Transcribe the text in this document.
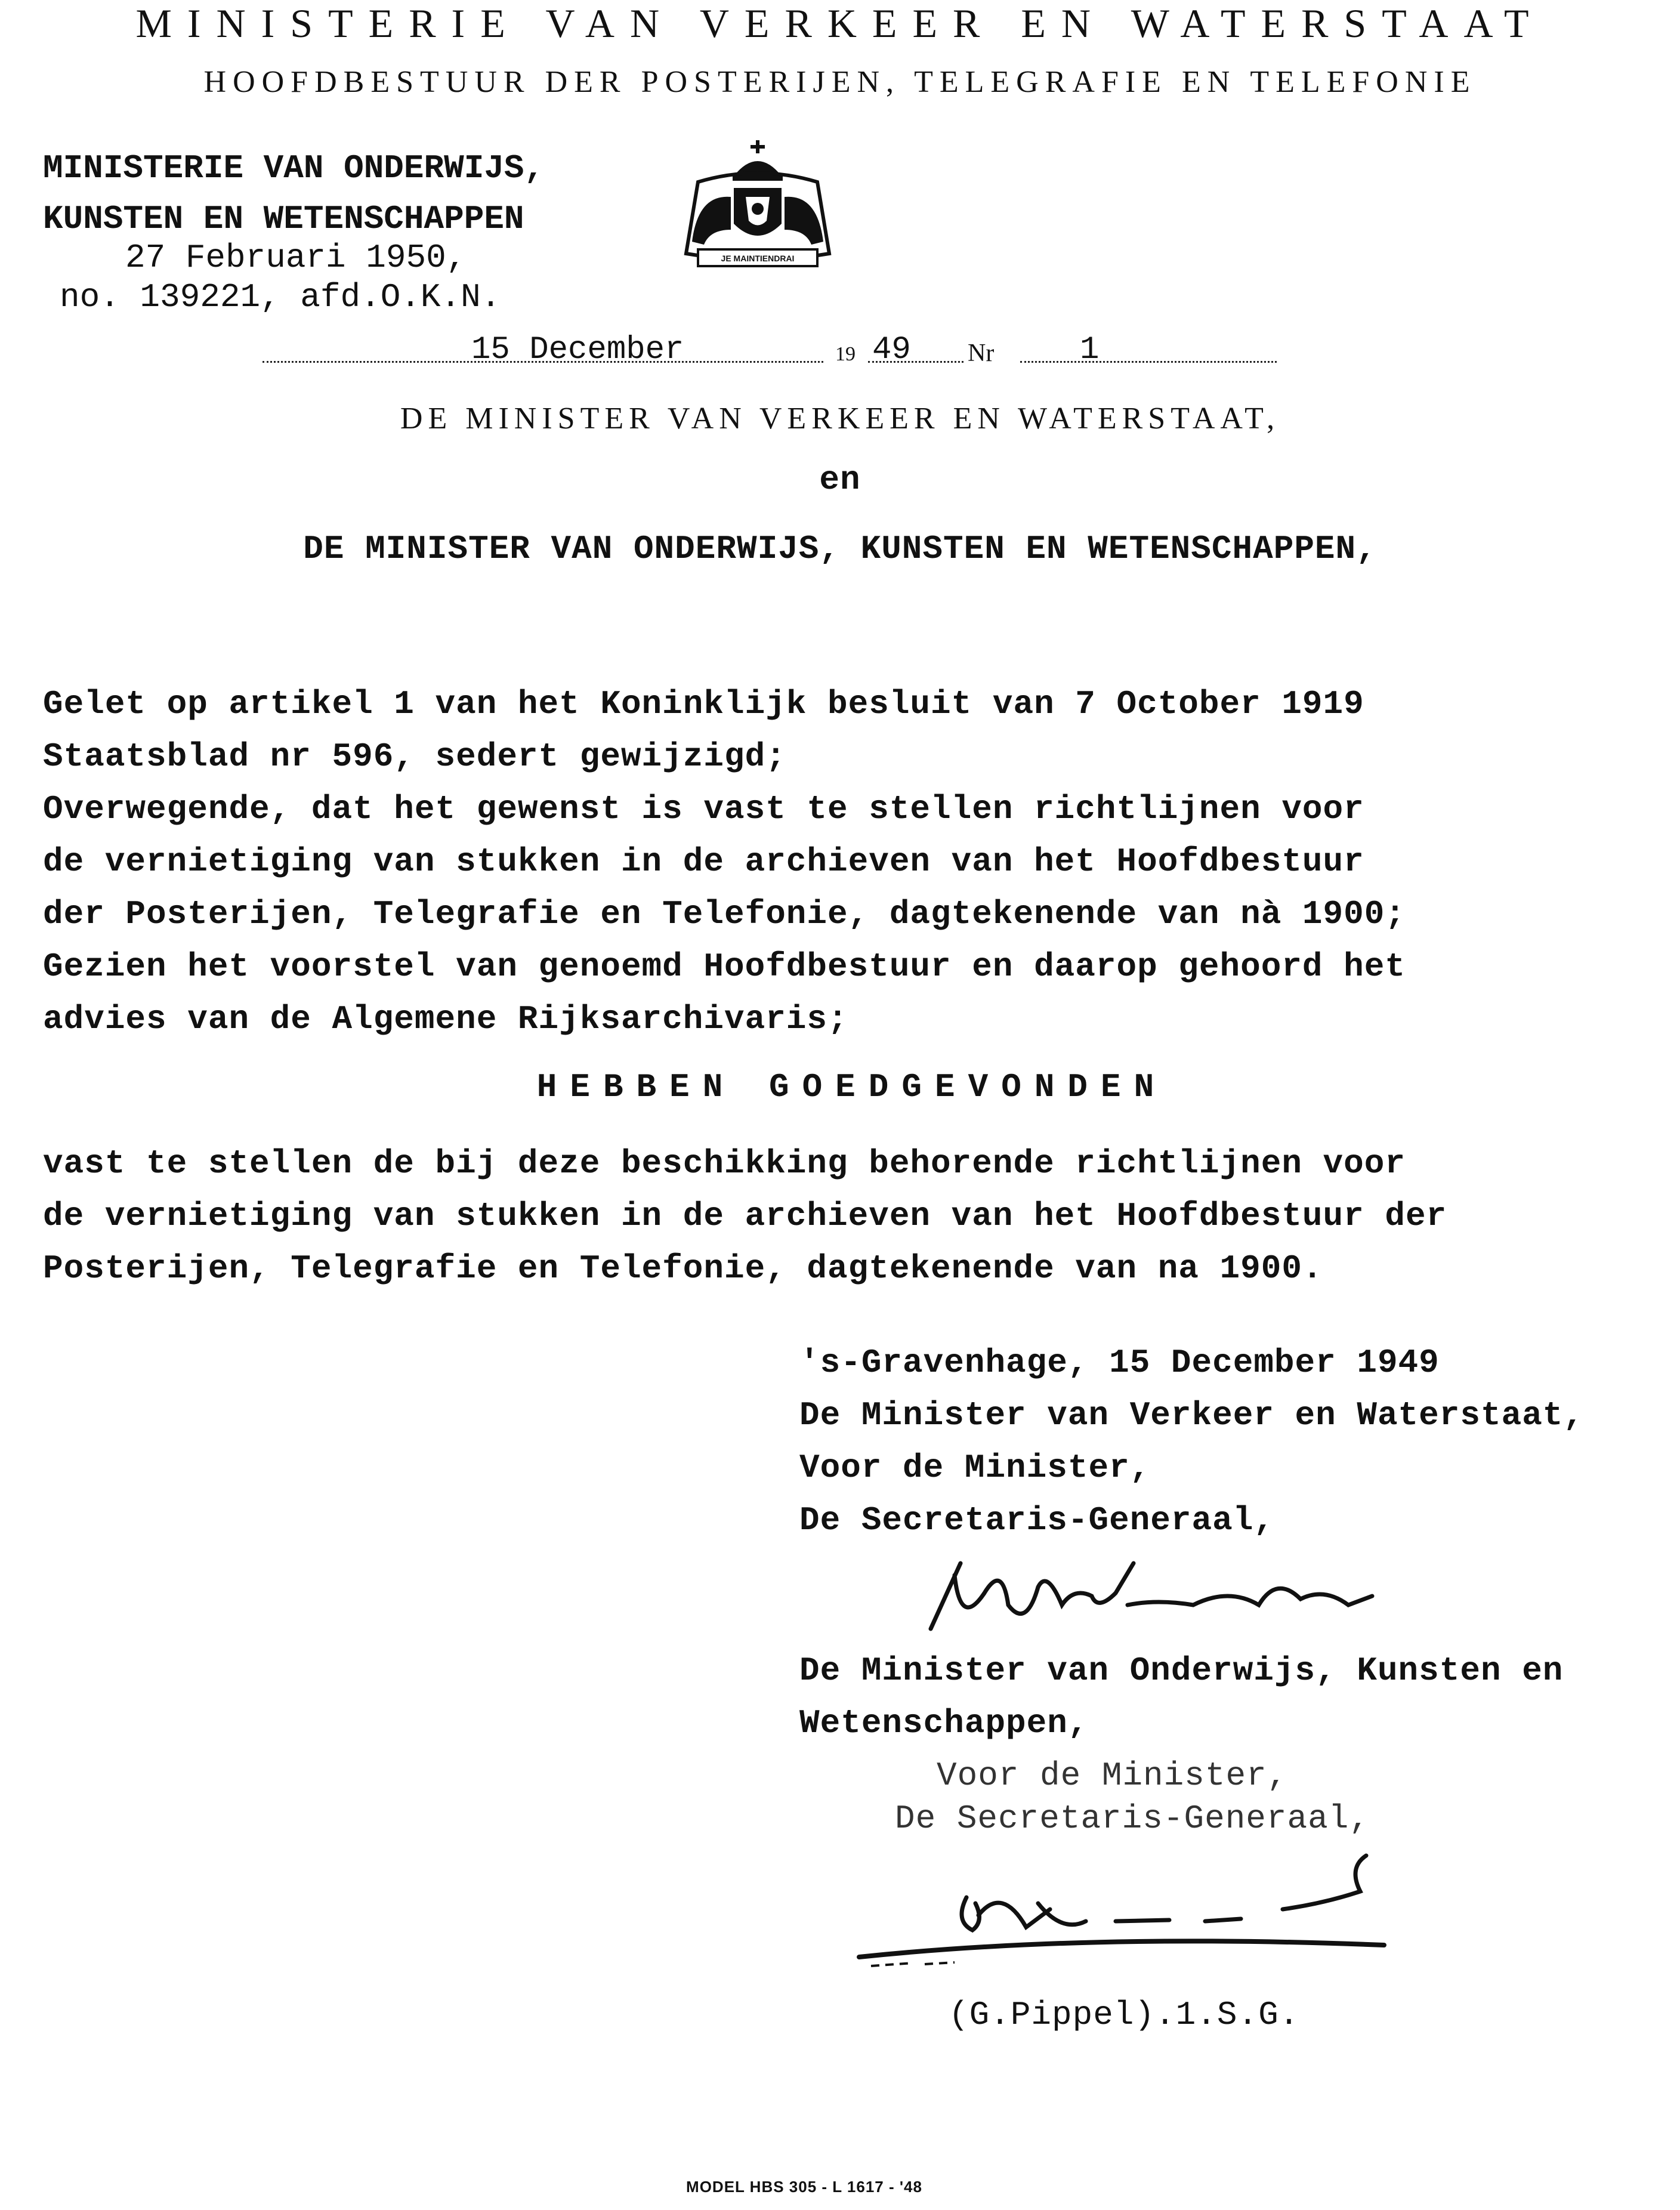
MINISTERIE VAN VERKEER EN WATERSTAAT
HOOFDBESTUUR DER POSTERIJEN, TELEGRAFIE EN TELEFONIE
MINISTERIE VAN ONDERWIJS,
KUNSTEN EN WETENSCHAPPEN
27 Februari 1950,
no. 139221, afd.O.K.N.
JE MAINTIENDRAI
15 December	19 49 Nr	1
DE MINISTER VAN VERKEER EN WATERSTAAT,
en
DE MINISTER VAN ONDERWIJS, KUNSTEN EN WETENSCHAPPEN,
Gelet op artikel 1 van het Koninklijk besluit van 7 October 1919
Staatsblad nr 596, sedert gewijzigd;
Overwegende, dat het gewenst is vast te stellen richtlijnen voor
de vernietiging van stukken in de archieven van het Hoofdbestuur
der Posterijen, Telegrafie en Telefonie, dagtekenende van nà 1900;
Gezien het voorstel van genoemd Hoofdbestuur en daarop gehoord het
advies van de Algemene Rijksarchivaris;
HEBBEN GOEDGEVONDEN
vast te stellen de bij deze beschikking behorende richtlijnen voor
de vernietiging van stukken in de archieven van het Hoofdbestuur der
Posterijen, Telegrafie en Telefonie, dagtekenende van na 1900.
's-Gravenhage, 15 December 1949
De Minister van Verkeer en Waterstaat,
Voor de Minister,
De Secretaris-Generaal,
De Minister van Onderwijs, Kunsten en
Wetenschappen,
Voor de Minister,
De Secretaris-Generaal,
(G.Pippel).1.S.G.
MODEL HBS 305 - L 1617 - '48
